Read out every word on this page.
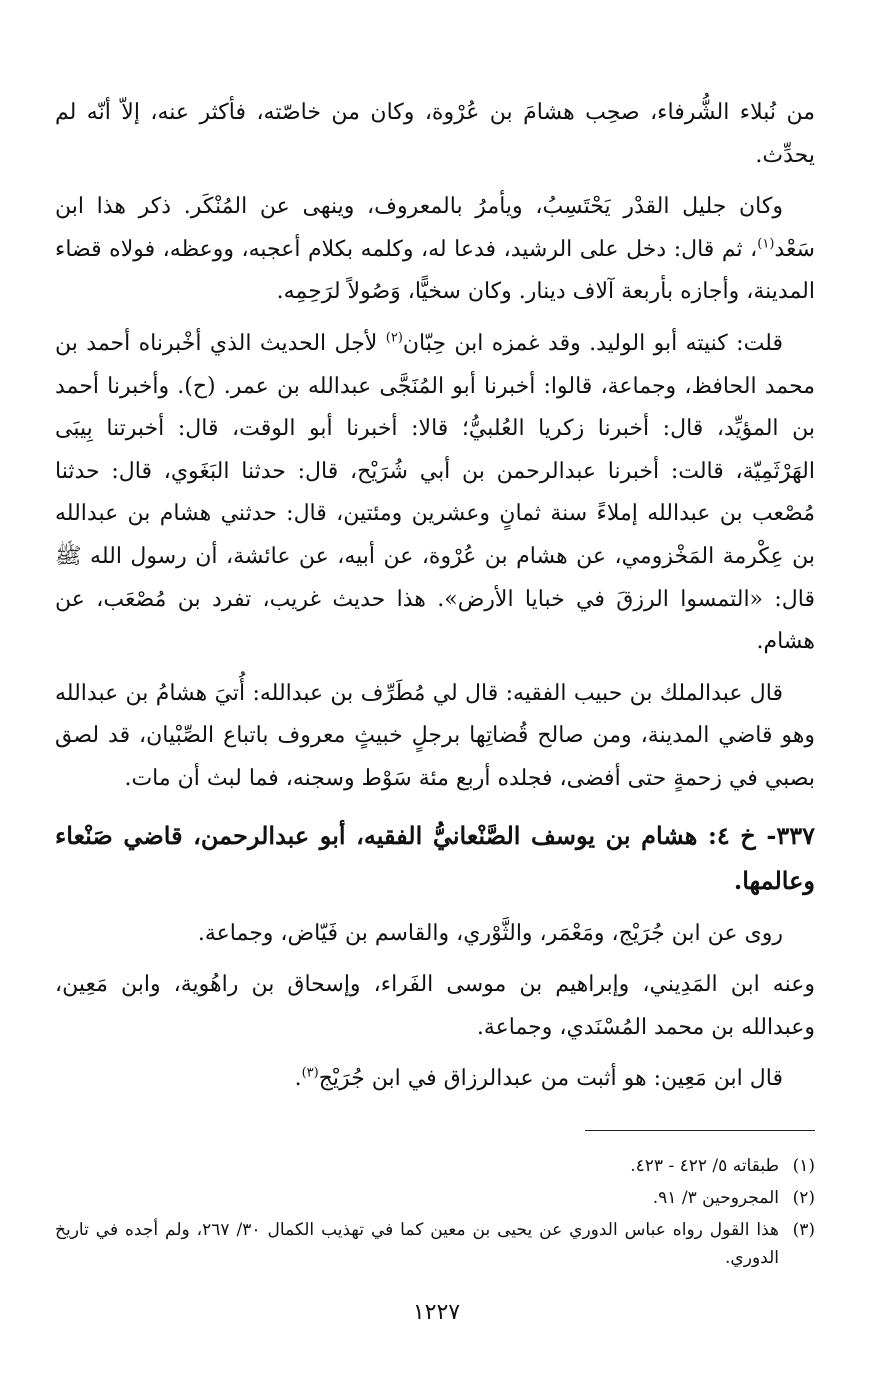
من نُبلاء الشُّرفاء، صحِب هشامَ بن عُرْوة، وكان من خاصّته، فأكثر عنه، إلاّ أنّه لم يحدِّث.

وكان جليل القدْر يَحْتَسِبُ، ويأمرُ بالمعروف، وينهى عن المُنْكَر. ذكر هذا ابن سَعْد$^{(١)}$، ثم قال: دخل على الرشيد، فدعا له، وكلمه بكلام أعجبه، ووعظه، فولاه قضاء المدينة، وأجازه بأربعة آلاف دينار. وكان سخيًّا، وَصُولاً لرَحِمِه.

قلت: كنيته أبو الوليد. وقد غمزه ابن حِبّان$^{(٢)}$ لأجل الحديث الذي أخْبرناه أحمد بن محمد الحافظ، وجماعة، قالوا: أخبرنا أبو المُنَجَّى عبدالله بن عمر. (ح). وأخبرنا أحمد بن المؤيِّد، قال: أخبرنا زكريا العُلبيُّ؛ قالا: أخبرنا أبو الوقت، قال: أخبرتنا بِيبَى الهَرْثَمِيّة، قالت: أخبرنا عبدالرحمن بن أبي شُرَيْح، قال: حدثنا البَغَوي، قال: حدثنا مُصْعب بن عبدالله إملاءً سنة ثمانٍ وعشرين ومئتين، قال: حدثني هشام بن عبدالله بن عِكْرمة المَخْزومي، عن هشام بن عُرْوة، عن أبيه، عن عائشة، أن رسول الله ﷺ قال: «التمسوا الرزقَ في خبايا الأرض». هذا حديث غريب، تفرد بن مُصْعَب، عن هشام.

قال عبدالملك بن حبيب الفقيه: قال لي مُطَرِّف بن عبدالله: أُتيَ هشامُ بن عبدالله وهو قاضي المدينة، ومن صالح قُضاتِها برجلٍ خبيثٍ معروف باتباع الصِّبْيان، قد لصق بصبي في زحمةٍ حتى أفضى، فجلده أربع مئة سَوْط وسجنه، فما لبث أن مات.

٣٣٧- خ ٤: هشام بن يوسف الصَّنْعانيُّ الفقيه، أبو عبدالرحمن، قاضي صَنْعاء وعالمها.

روى عن ابن جُرَيْج، ومَعْمَر، والثَّوْري، والقاسم بن فَيّاض، وجماعة.

وعنه ابن المَدِيني، وإبراهيم بن موسى الفَراء، وإسحاق بن راهُوية، وابن مَعِين، وعبدالله بن محمد المُسْنَدي، وجماعة.

قال ابن مَعِين: هو أثبت من عبدالرزاق في ابن جُرَيْج$^{(٣)}$.

(١)
طبقاته ٥/ ٤٢٢ - ٤٢٣.
(٢)
المجروحين ٣/ ٩١.
(٣)
هذا القول رواه عباس الدوري عن يحيى بن معين كما في تهذيب الكمال ٣٠/ ٢٦٧، ولم أجده في تاريخ الدوري.
١٢٢٧
